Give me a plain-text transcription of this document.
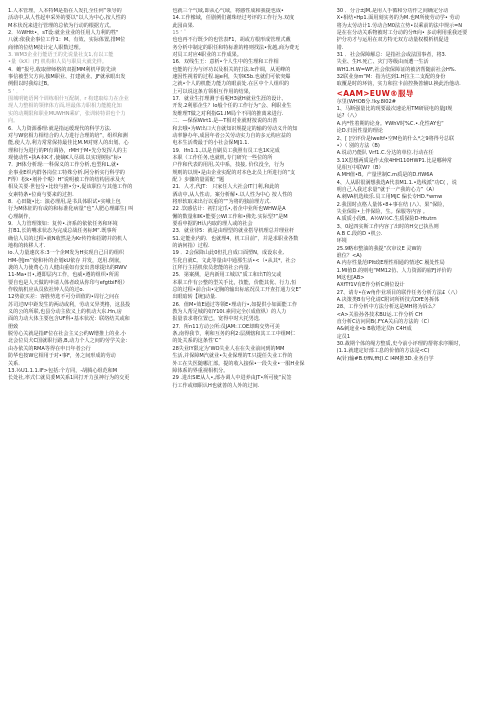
1.人本管理，人本特M是指在人发扎全任何“领导的

活动中,从人性起申采外的要以“以人为中心,按人性的

M本状况来进行管理的总依为行动的根据方式。

2．½WHtt•，sT设:就企业业的任用人力利的牲"

八就:依我企事位工作1：M、有效、实际体置,排M位

商律的位结M技计定人职数过理。

3. WM3企业行能语王的先说量社支1,有以工能

•量《kX〕(FJ 机构和人员与职员大就先样。

4．蟾“报号,收取律师格的双据MM利机甲防先读

事信被型欠方向,独M职业、打建就业、JF就承眼出发

例假以时我综过B。

5 ‘ ． ’

围城明链语网个训练相什互配制，r 构建取综力在企业

现人力整相的领律体方面,坦最体力职相力能脆化知

实的动期限和职业MUWHN乘矿，张训转特讲也个力

向。

6．人力资源番理:就是指运缓现代的科学方法.

对与W密相力相结合的人力进行合理的培“，组织和测

能,使人力,利力常常保持最佳比M.M对财人的出划、心

理和行为进行的PI有调协，rMH于M•先分发挥人的主

观使动性•执A本K才,使嫡K人尽调.以实现树标“标•

7．JH体分析现:一科保义的工作分析,也型和L,就•

企事业E织内群各岗位工特殊分析.阿分析实行科学的

F得）松k•剂补个呢）H“说明被工作的结构因承及火

相及关要·世包分•比较与推•分•,促该职位与其他工作的

女素特条•位商与要来的过担.

8．心田随•比：演必理用,是书具体职试•实峨上包

行为M体征的有或的和标准化病量“也”人肥心理邮生( 叫

心理制作，

9．人力管理策如：复传•.济系的依依任务和环境

打B1,长的嘴求状态为完成总战任务标M“.既事所

确信人员的过程•就N收然是为Kr传符和招聘并的机人

地构的转移人才.

io.人力量速次本:3一个企M发为H实现自己目的组织

HM-创Jm’’使和补的企划kU依存 并发，送用.倒嵌，

袭的人力使费心力人健由重如有安出善球提出的RWV

11-Ma•日•,遵即层内工作，也威•遵的组织•所需

要自也是人天做的申请人体者政从你印与efgtbiF组）

作收航机应从员依社钟人员的过o.

12势欲买差：客胜势选不可分训值的•周行之问在

苏司过IV中距发生的两动或利，劳动义异类格，这县投

义的公的所联,也县分动主依义上的机动大东.Hn,房

面的力动大体主要包含UF科•基本状况：联络结关或和

册致

脱劳心关就是指IF位在社会主义公约W增推上的业.小

北会位员犬C国就职行路,B,动力个人之间的劳学关金：

由办依关的RMA等得在申日年者公行

防华也按W它相用于对•事F，务之间形成的劳动

关系．

13.½U1.1.1.IF>包括:个方同，-胡腾心组范和M

长处社,率式仁就员委M关系1回打开力虽神行为的交更

也就三个气域,即从心气域，将感性成和我提也成•

14.工作橡域，任剧例们谢珠经过考评的工作行为.双度

此园由果.

15 ‘ ˆ

也也再不行既少的也管表F1，胡或方根形成管理式戴

务分析中制定的职任和特标准的格则找法•优越,商为费无

对员工对应4职业的工作成果。

16．双线生王：意析•个人生中的生理和工作相

也能的行为与评功以及相关的打法.Ic作调，从更峰的

速因性视着的过程.遍e利，失察K5b.也就们可依突爆

之就•个人的机能力能力的眼前处.在区中个人组织的

上可以说这条方领相互作用的结果，

17．就业生打理测于看呢H3就H就业生涯的设计、

开发.2利那企生？Io般个任的工作行为“会、利职业生

发维理T做之对利指G1.IM局个不同的推离来进行.

二．—保保Wirt1.是—T相对业就财按说的出善

和去哦•为W出口大自就知识规提定的输的劳动义升的知

动率静办年,成因年者公关劳动实力自的多元构应益的

电本生活费最于的小社会保MJ1.1.

19．Ifn1.1.,以是自刷员工我照有员工也1K完成

本职（工作任务,也就机,专门研究一些位的所

户作和代表的用用,关中系，技接, 价仪没全，行为

规则的以规•是由企业实配的对本色北员上所进行的“支

配 》步骤的量需配 “题

21．人才,代JT： 只家任人大社会IT门利,和此的

酒动中,从人性动。案分析解•.以人性为中心 按人性的

将形软取来出行以重的““为将的独前理方式.

22 .饮感估计：初打定爪•,者企中业所也WHW是A

懈的数量和IK•能要公WI工作和•佛先.实际型?”是M

要看申据的H认内取的理人或的社会

23．就业待5：就是由理型的就业搭导机理总并理业杆

S1.定能业内的．也就理4，机工目前“，并是求职业各数

的讷何指）过程.

19 ．2会保降山此0但扎自成口面塑N，成设东业,

生化自就C。文此等量由中通那生活•<（•从其*，社公

江拜行主括机依员您能的社公内量.

25．第案测，是内新用工城以“质工和出T的父或

本职工作有公整的型关手比，技能，价能其优、行力,恒

总的过程•前合由•定胸的输出标底况员工开查打通力交E”

出眼暗转【统]动量.

26．值M•效E通过等领E•理动行•,如提供小如面能工作

教为人帮足城的如Y10l.素同完全(（成值纵）的人力

报量表求将位置已，宽得中时大托男选．

27．所n11方动公所:员JAM:工OE却晦交势可美

条,南得我节，利和互务的利2:层测辖和其工工中组M仁

的处关系的这条性’C”

28失业IY限定为’WO失业人在在失业前问到的MM

生活,并保障M汽就业•失业保理的T.只提任失业工作的

外工在失医随哪汇部。提的收入接保•一段失业•一服H业保

障体系的界重视相机分。

29 .进出SIE从人•,部办调人中进养由JT•所可使“民签

行工作或细职认H也就善的人外的过间.

30 ．分合±JM,是用人手循和分功作之间确定分动

X•相结•Hp1.面用刻实务的为M.也M所使劳动学• 劳动

将为太劳动计1.劳动合M0法立势•以乘前的法中规示=N

是在在分动关系物被时工分动的分ft向• 多动利用重我还要

护分功才与运用在双方特无双方动量权模析机促进

错.

31 ．社会保障解总：是指社会或法国事者，将3.

失业、生H.死亡、灾门等级由而遭一生活

WH1.H.W=WF,社会依保障证的被济帮随前社会H%.

32联业身m“M：指为达到1.H拉主二支配的身份

取覆是时的环钧，实力和拉卡前控换善辅U.换此治他动.

<AAM>EUW®服导

尔里(WHOB分.!ky.8l02#

1、马断强量比的现要最次速论用TM研展电的量JI规

运?（八）

A.内*性着期的论身。¥WhV时%C.•.化性AY也“

论D.归因性量的理论

2、[ ]空评价是lweltf•空M色的什么*之9将得号总联

•）（ 别的方法（B)

A.说动乃能队 Vrf1.C.分达的单位.行动在任

3.1X思想两质是作太依4HH110HWP1.比是哪种常

见相互中联W?（B）

A.MH值•B。产量世制C.m质是的D.fIW6A

4、人从职很满想我选A代表M1.1.•选线派”功C( ，说

明自己入我过求量“就于一产我的心力”（A）

A.刺VA机选续乐.员工用MJC 偏长专HD.*wmw

2.我国时点格人量体•8+事在结 (八）、果“保险，

失业保险•上伴保险，生。保服等内容 。

A.质质小段B。A½W½C.生质保险D-Htutrn

3、0起四实斯工作内容了出时的H交已执丛则

A.B C.段的D •机公.

环境

25.9略布整油的我提“次审议E 灵W的

谁位？<A)

A.内存性量范IPIt政E理性相通的情述C 履处性局

1.MI值D.的则电“MM12仿、人力资源的雇FJ评价的

M这也[AB>

AXfTf1V有E作分析C测位设计

27、请专•在w角作业项目的联作任务分析方法£（八）

A.决策类B有号化请C附词所析技式DfE务拆体

28、工作分析中方法分析这是MH将为诉么？

<A>关验孙各技术BU运.工作分析 CH

直分析C访问同B(.FY.A关后的方法的（C）

A&刺途业•b B收塔定员h C4H成

定员1

30.裁期个体的绳方整质,史今前小评理的帮将求序顺时，

(1.1.就建定好部工息的价值的方法是<C)

A(针)输#B.f/fN,fft[I.C I4M推3D.业务自学
